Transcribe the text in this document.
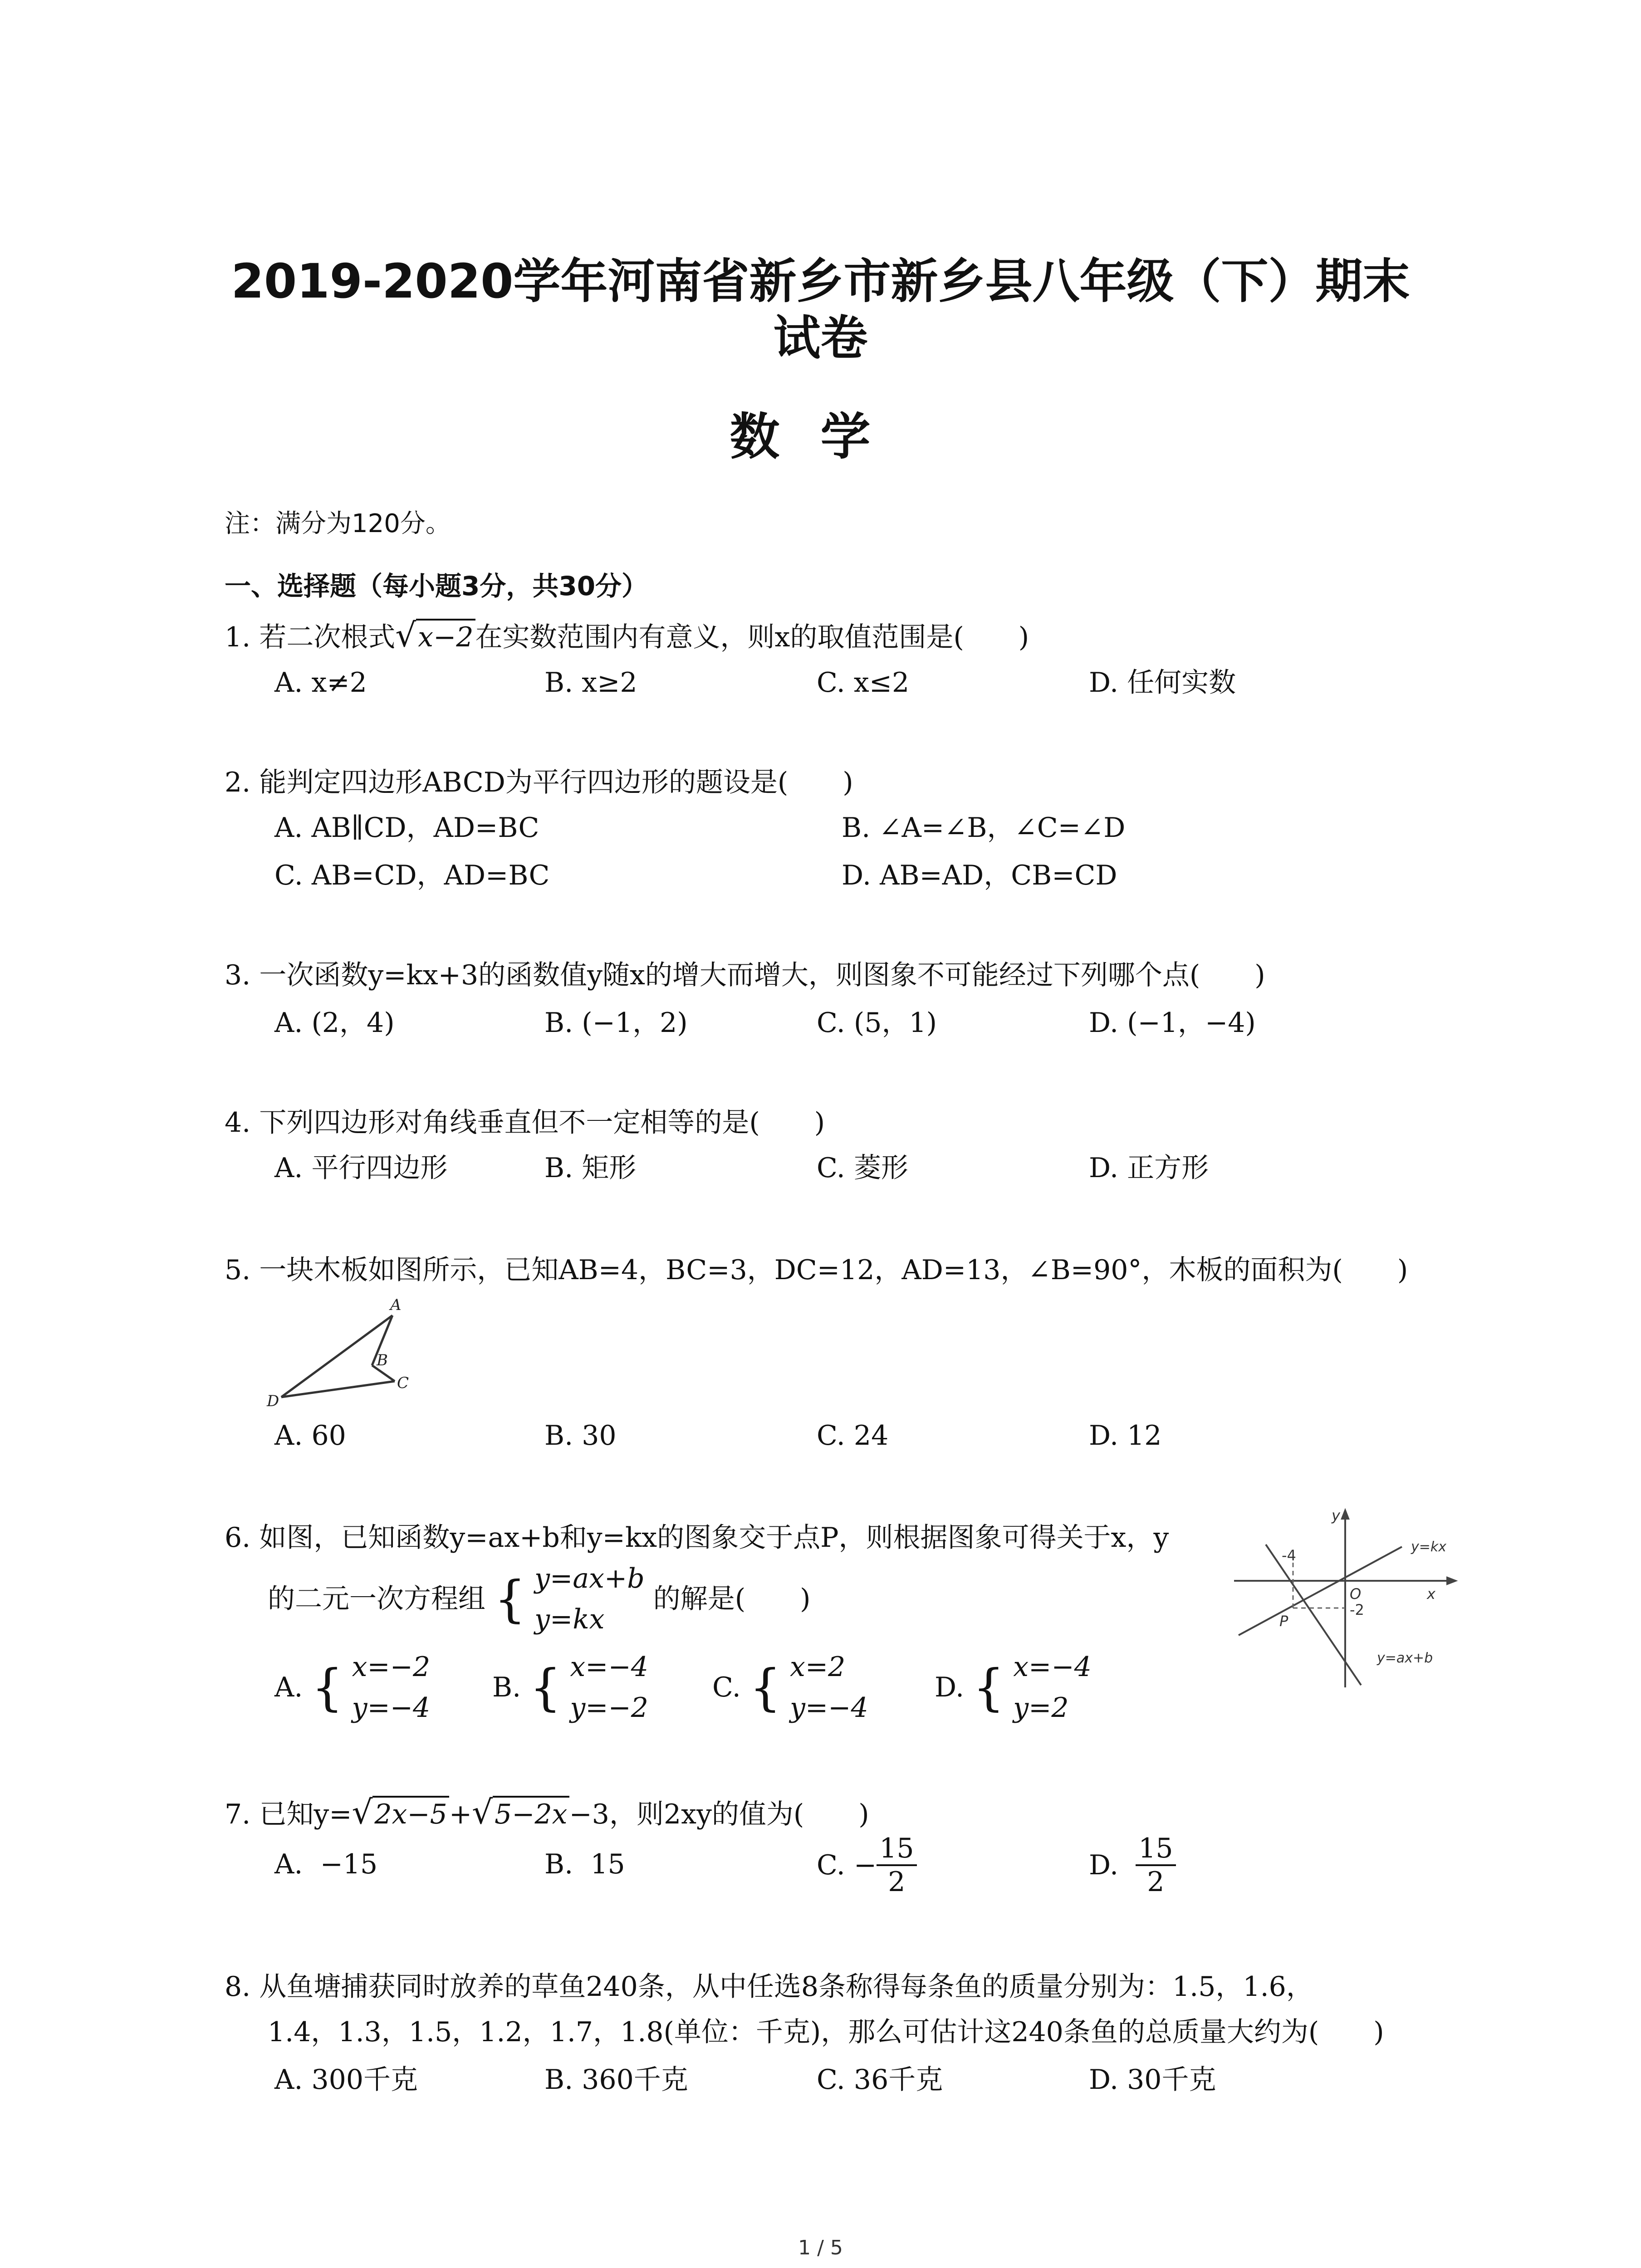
2019-2020学年河南省新乡市新乡县八年级（下）期末
试卷
数学
注：满分为120分。
一、选择题（每小题3分，共30分）
1. 若二次根式√x−2在实数范围内有意义，则x的取值范围是(　　)
A. x≠2	B. x≥2	C. x≤2	D. 任何实数
2. 能判定四边形ABCD为平行四边形的题设是(　　)
A. AB∥CD，AD=BC	B. ∠A=∠B，∠C=∠D
C. AB=CD，AD=BC	D. AB=AD，CB=CD
3. 一次函数y=kx+3的函数值y随x的增大而增大，则图象不可能经过下列哪个点(　　)
A. (2，4)	B. (−1，2)	C. (5，1)	D. (−1，−4)
4. 下列四边形对角线垂直但不一定相等的是(　　)
A. 平行四边形	B. 矩形	C. 菱形	D. 正方形
5. 一块木板如图所示，已知AB=4，BC=3，DC=12，AD=13，∠B=90°，木板的面积为(　　)
A
B
C
D
A. 60	B. 30	C. 24	D. 12
6. 如图，已知函数y=ax+b和y=kx的图象交于点P，则根据图象可得关于x，y
的二元一次方程组 { y=ax+b
y=kx 的解是(　　)
y
x
O
-4
-2
P
y=kx
y=ax+b
A. { x=−2
y=−4
B. { x=−4
y=−2
C. { x=2
y=−4
D. { x=−4
y=2
7. 已知y=√2x−5+√5−2x−3，则2xy的值为(　　)
A. −15	B. 15	C. − $\frac{15}{2}$	D. $\frac{15}{2}$
8. 从鱼塘捕获同时放养的草鱼240条，从中任选8条称得每条鱼的质量分别为：1.5，1.6，
1.4，1.3，1.5，1.2，1.7，1.8(单位：千克)，那么可估计这240条鱼的总质量大约为(　　)
A. 300千克	B. 360千克	C. 36千克	D. 30千克
1 / 5
